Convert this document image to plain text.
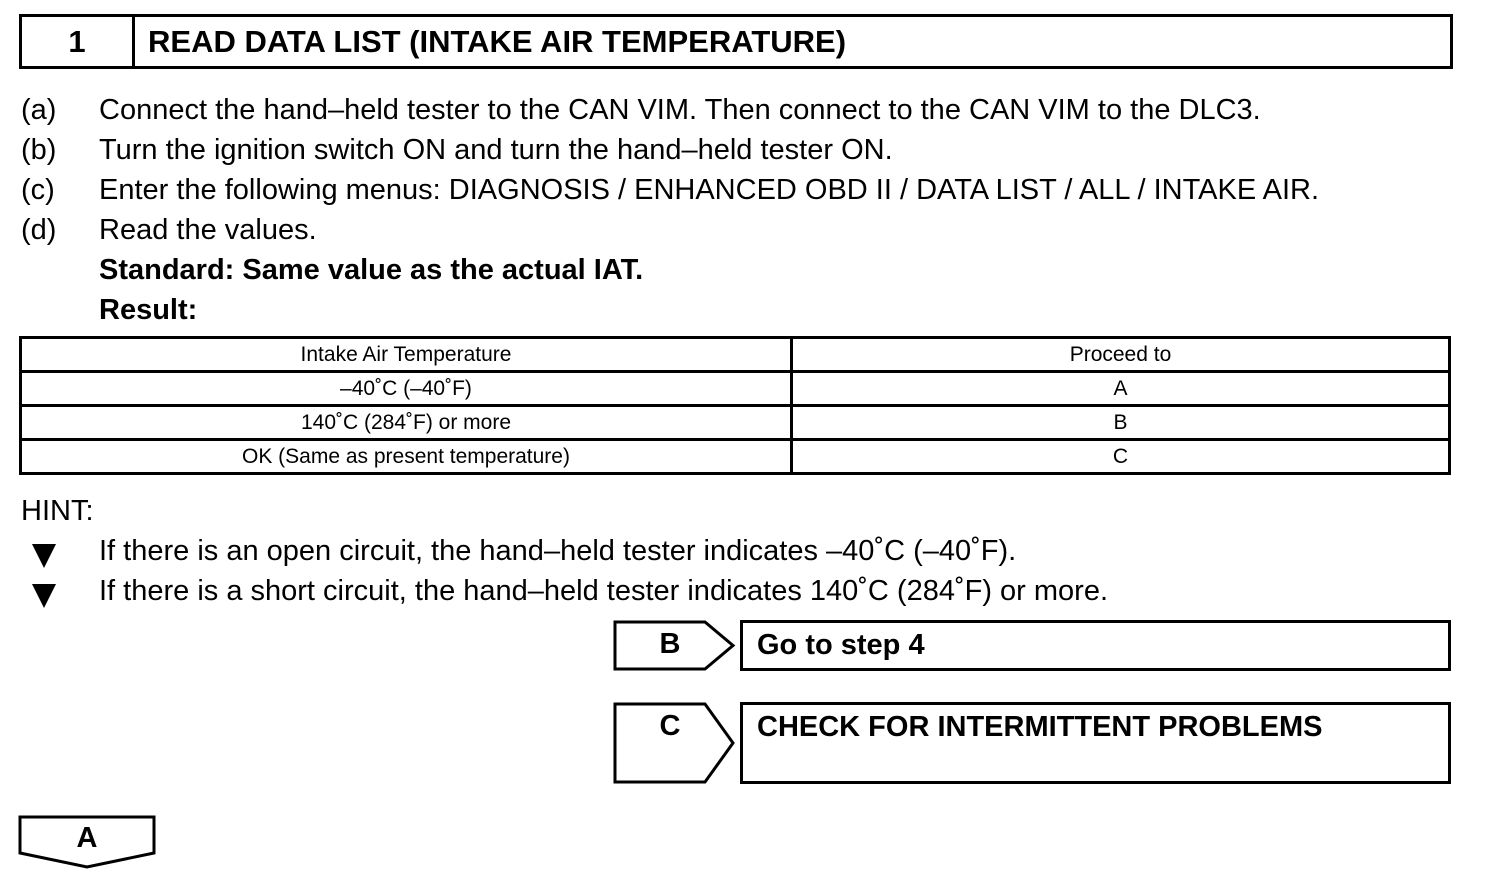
1	READ DATA LIST (INTAKE AIR TEMPERATURE)
(a) Connect the hand–held tester to the CAN VIM. Then connect to the CAN VIM to the DLC3.
(b) Turn the ignition switch ON and turn the hand–held tester ON.
(c) Enter the following menus: DIAGNOSIS / ENHANCED OBD II / DATA LIST / ALL / INTAKE AIR.
(d) Read the values.
Standard: Same value as the actual IAT.
Result:
Intake Air Temperature	Proceed to
–40˚C (–40˚F)	A
140˚C (284˚F) or more	B
OK (Same as present temperature)	C
HINT:
If there is an open circuit, the hand–held tester indicates –40˚C (–40˚F).
If there is a short circuit, the hand–held tester indicates 140˚C (284˚F) or more.
B	Go to step 4
C	CHECK FOR INTERMITTENT PROBLEMS
A
